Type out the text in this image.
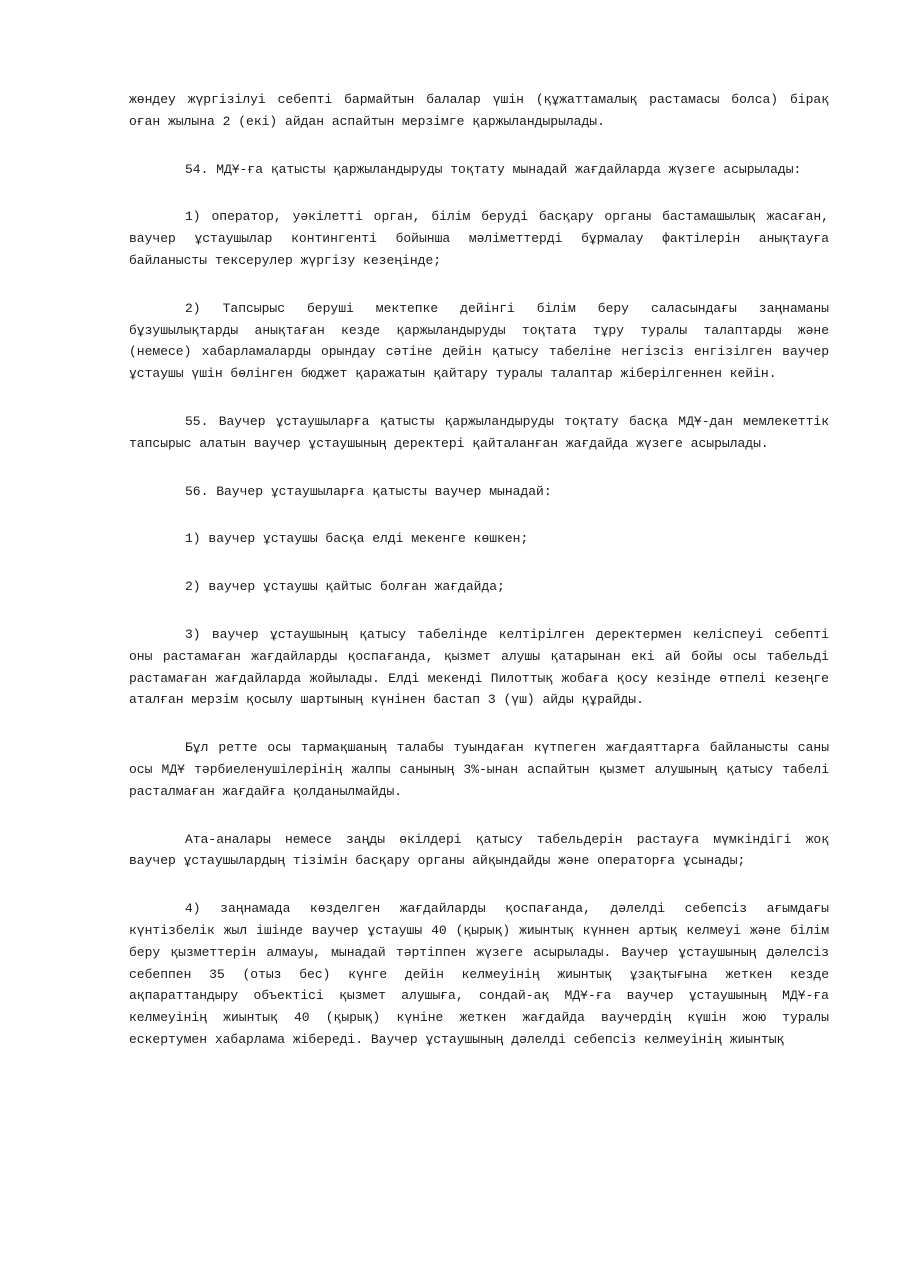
жөндеу жүргізілуі себепті бармайтын балалар үшін (құжаттамалық растамасы болса) бірақ оған жылына 2 (екі) айдан аспайтын мерзімге қаржыландырылады.

54. МДҰ-ға қатысты қаржыландыруды тоқтату мынадай жағдайларда жүзеге асырылады:

1) оператор, уәкілетті орган, білім беруді басқару органы бастамашылық жасаған, ваучер ұстаушылар контингенті бойынша мәліметтерді бұрмалау фактілерін анықтауға байланысты тексерулер жүргізу кезеңінде;

2) Тапсырыс беруші мектепке дейінгі білім беру саласындағы заңнаманы бұзушылықтарды анықтаған кезде қаржыландыруды тоқтата тұру туралы талаптарды және (немесе) хабарламаларды орындау сәтіне дейін қатысу табеліне негізсіз енгізілген ваучер ұстаушы үшін бөлінген бюджет қаражатын қайтару туралы талаптар жіберілгеннен кейін.

55. Ваучер ұстаушыларға қатысты қаржыландыруды тоқтату басқа МДҰ-дан мемлекеттік тапсырыс алатын ваучер ұстаушының деректері қайталанған жағдайда жүзеге асырылады.

56. Ваучер ұстаушыларға қатысты ваучер мынадай:

1) ваучер ұстаушы басқа елді мекенге көшкен;

2) ваучер ұстаушы қайтыс болған жағдайда;

3) ваучер ұстаушының қатысу табелінде келтірілген деректермен келіспеуі себепті оны растамаған жағдайларды қоспағанда, қызмет алушы қатарынан екі ай бойы осы табельді растамаған жағдайларда жойылады. Елді мекенді Пилоттық жобаға қосу кезінде өтпелі кезеңге аталған мерзім қосылу шартының күнінен бастап 3 (үш) айды құрайды.

Бұл ретте осы тармақшаның талабы туындаған күтпеген жағдаяттарға байланысты саны осы МДҰ тәрбиеленушілерінің жалпы санының 3%-ынан аспайтын қызмет алушының қатысу табелі расталмаған жағдайға қолданылмайды.

Ата-аналары немесе заңды өкілдері қатысу табельдерін растауға мүмкіндігі жоқ ваучер ұстаушылардың тізімін басқару органы айқындайды және операторға ұсынады;

4) заңнамада көзделген жағдайларды қоспағанда, дәлелді себепсіз ағымдағы күнтізбелік жыл ішінде ваучер ұстаушы 40 (қырық) жиынтық күннен артық келмеуі және білім беру қызметтерін алмауы, мынадай тәртіппен жүзеге асырылады. Ваучер ұстаушының дәлелсіз себеппен 35 (отыз бес) күнге дейін келмеуінің жиынтық ұзақтығына жеткен кезде ақпараттандыру объектісі қызмет алушыға, сондай-ақ МДҰ-ға ваучер ұстаушының МДҰ-ға келмеуінің жиынтық 40 (қырық) күніне жеткен жағдайда ваучердің күшін жою туралы ескертумен хабарлама жібереді. Ваучер ұстаушының дәлелді себепсіз келмеуінің жиынтық
